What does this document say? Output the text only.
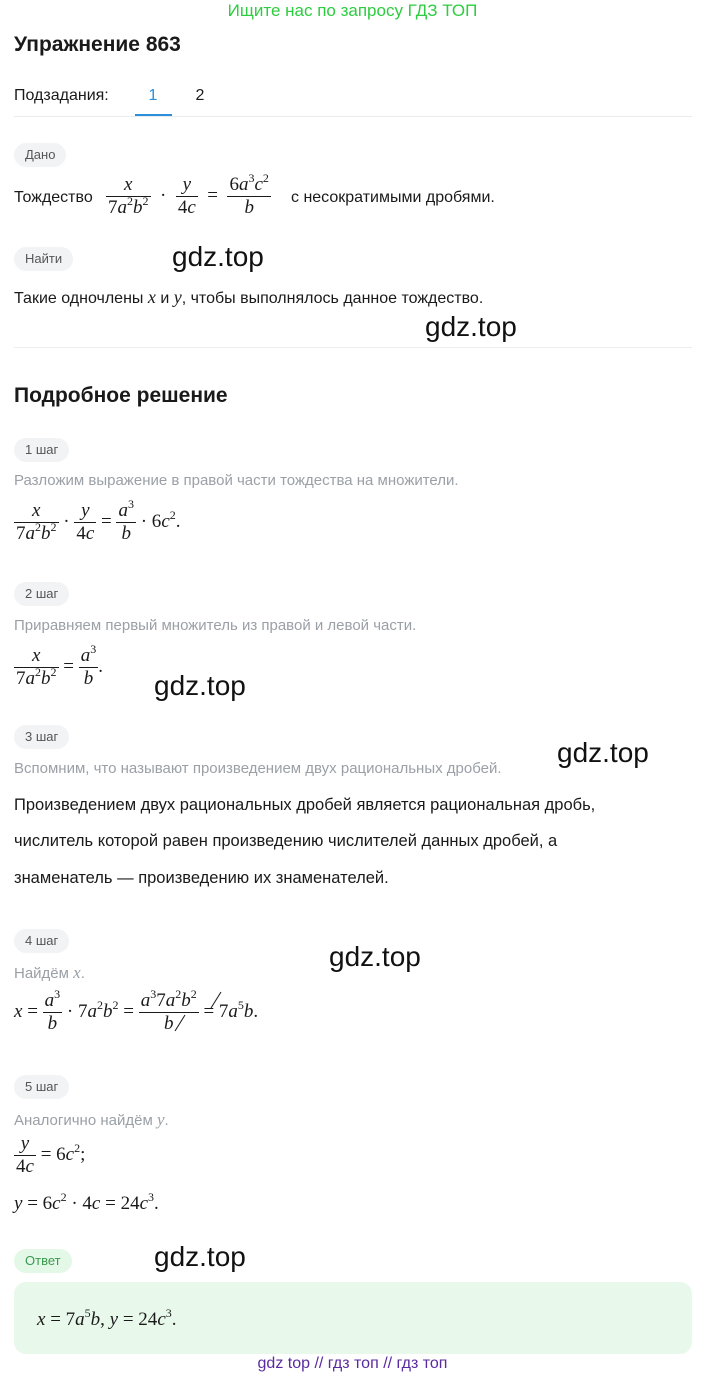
Ищите нас по запросу ГДЗ ТОП
Упражнение 863
Подзадания:	1	2
Дано
Тождество $\frac{x}{7a^2b^2} \cdot \frac{y}{4c} = \frac{6a^3c^2}{b}$ с несократимыми дробями.
Найти	gdz.top
Такие одночлены x и y, чтобы выполнялось данное тождество.
gdz.top
Подробное решение
1 шаг
Разложим выражение в правой части тождества на множители.
$\frac{x}{7a^2b^2} \cdot \frac{y}{4c} = \frac{a^3}{b} \cdot 6c^2$.
2 шаг
Приравняем первый множитель из правой и левой части.
$\frac{x}{7a^2b^2} = \frac{a^3}{b}$ .
gdz.top
3 шаг
Вспомним, что называют произведением двух рациональных дробей.
gdz.top
Произведением двух рациональных дробей является рациональная дробь,
числитель которой равен произведению числителей данных дробей, а
знаменатель — произведению их знаменателей.
4 шаг
gdz.top
Найдём x.
$x = \frac{a^3}{b} \cdot 7a^2b^2 = \frac{a^37a^2b^2}{b} = 7a^5b$.
5 шаг
Аналогично найдём y.
$\frac{y}{4c} = 6c^2$;
$y = 6c^2 \cdot 4c = 24c^3$.
Ответ	gdz.top
$x = 7a^5b$, $y = 24c^3$.
gdz top // гдз топ // гдз топ
